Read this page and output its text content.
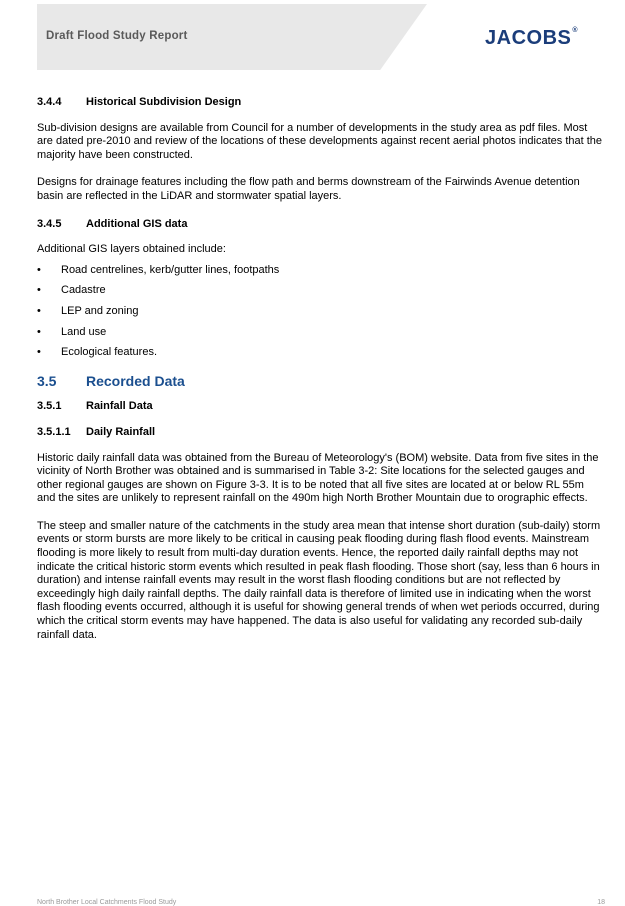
Draft Flood Study Report	JACOBS®
3.4.4	Historical Subdivision Design

Sub-division designs are available from Council for a number of developments in the study area as pdf files. Most are dated pre-2010 and review of the locations of these developments against recent aerial photos indicates that the majority have been constructed.

Designs for drainage features including the flow path and berms downstream of the Fairwinds Avenue detention basin are reflected in the LiDAR and stormwater spatial layers.

3.4.5	Additional GIS data

Additional GIS layers obtained include:

•	Road centrelines, kerb/gutter lines, footpaths
•	Cadastre
•	LEP and zoning
•	Land use
•	Ecological features.
3.5	Recorded Data
3.5.1	Rainfall Data
3.5.1.1	Daily Rainfall

Historic daily rainfall data was obtained from the Bureau of Meteorology's (BOM) website. Data from five sites in the vicinity of North Brother was obtained and is summarised in Table 3-2: Site locations for the selected gauges and other regional gauges are shown on Figure 3-3. It is to be noted that all five sites are located at or below RL 55m and the sites are unlikely to represent rainfall on the 490m high North Brother Mountain due to orographic effects.

The steep and smaller nature of the catchments in the study area mean that intense short duration (sub-daily) storm events or storm bursts are more likely to be critical in causing peak flooding during flash flood events. Mainstream flooding is more likely to result from multi-day duration events. Hence, the reported daily rainfall depths may not indicate the critical historic storm events which resulted in peak flash flooding. Those short (say, less than 6 hours in duration) and intense rainfall events may result in the worst flash flooding conditions but are not reflected by exceedingly high daily rainfall depths. The daily rainfall data is therefore of limited use in indicating when the worst flash flooding events occurred, although it is useful for showing general trends of when wet periods occurred, during which the critical storm events may have happened. The data is also useful for validating any recorded sub-daily rainfall data.

North Brother Local Catchments Flood Study	18
